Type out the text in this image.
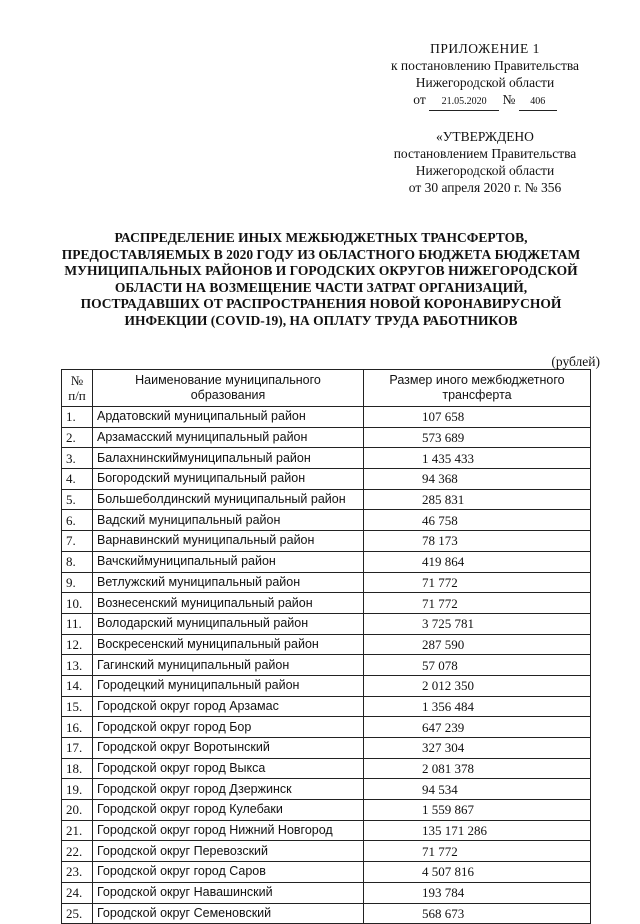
ПРИЛОЖЕНИЕ 1
к постановлению Правительства
Нижегородской области
от 21.05.2020 № 406
«УТВЕРЖДЕНО
постановлением Правительства
Нижегородской области
от 30 апреля 2020 г. № 356
РАСПРЕДЕЛЕНИЕ ИНЫХ МЕЖБЮДЖЕТНЫХ ТРАНСФЕРТОВ, ПРЕДОСТАВЛЯЕМЫХ В 2020 ГОДУ ИЗ ОБЛАСТНОГО БЮДЖЕТА БЮДЖЕТАМ МУНИЦИПАЛЬНЫХ РАЙОНОВ И ГОРОДСКИХ ОКРУГОВ НИЖЕГОРОДСКОЙ ОБЛАСТИ НА ВОЗМЕЩЕНИЕ ЧАСТИ ЗАТРАТ ОРГАНИЗАЦИЙ, ПОСТРАДАВШИХ ОТ РАСПРОСТРАНЕНИЯ НОВОЙ КОРОНАВИРУСНОЙ ИНФЕКЦИИ (COVID-19), НА ОПЛАТУ ТРУДА РАБОТНИКОВ
(рублей)
№ п/п	Наименование муниципального образования	Размер иного межбюджетного трансферта
1.	Ардатовский муниципальный район	107 658
2.	Арзамасский муниципальный район	573 689
3.	Балахнинскиймуниципальный район	1 435 433
4.	Богородский муниципальный район	94 368
5.	Большеболдинский муниципальный район	285 831
6.	Вадский муниципальный район	46 758
7.	Варнавинский муниципальный район	78 173
8.	Вачскиймуниципальный район	419 864
9.	Ветлужский муниципальный район	71 772
10.	Вознесенский муниципальный район	71 772
11.	Володарский муниципальный район	3 725 781
12.	Воскресенский муниципальный район	287 590
13.	Гагинский муниципальный район	57 078
14.	Городецкий муниципальный район	2 012 350
15.	Городской округ город Арзамас	1 356 484
16.	Городской округ город Бор	647 239
17.	Городской округ Воротынский	327 304
18.	Городской округ город Выкса	2 081 378
19.	Городской округ город Дзержинск	94 534
20.	Городской округ город Кулебаки	1 559 867
21.	Городской округ город Нижний Новгород	135 171 286
22.	Городской округ Перевозский	71 772
23.	Городской округ город Саров	4 507 816
24.	Городской округ Навашинский	193 784
25.	Городской округ Семеновский	568 673
